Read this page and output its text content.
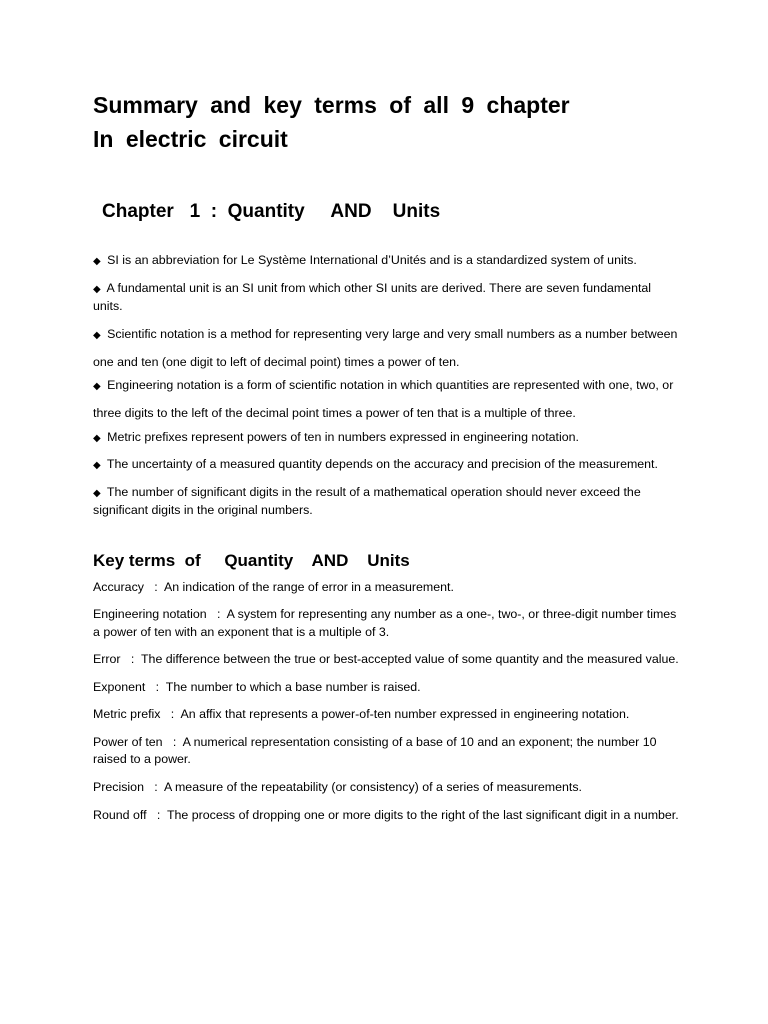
Summary and key terms of all 9 chapter
In electric circuit
Chapter   1  :  Quantity     AND    Units
◆ SI is an abbreviation for Le Système International d’Unités and is a standardized system of units.
◆ A fundamental unit is an SI unit from which other SI units are derived. There are seven fundamental units.
◆ Scientific notation is a method for representing very large and very small numbers as a number between one and ten (one digit to left of decimal point) times a power of ten.
◆ Engineering notation is a form of scientific notation in which quantities are represented with one, two, or three digits to the left of the decimal point times a power of ten that is a multiple of three.
◆ Metric prefixes represent powers of ten in numbers expressed in engineering notation.
◆ The uncertainty of a measured quantity depends on the accuracy and precision of the measurement.
◆ The number of significant digits in the result of a mathematical operation should never exceed the significant digits in the original numbers.
Key terms  of     Quantity    AND    Units

Accuracy   :  An indication of the range of error in a measurement.

Engineering notation   :  A system for representing any number as a one-, two-, or three-digit number times a power of ten with an exponent that is a multiple of 3.

Error   :  The difference between the true or best-accepted value of some quantity and the measured value.

Exponent   :  The number to which a base number is raised.

Metric prefix   :  An affix that represents a power-of-ten number expressed in engineering notation.

Power of ten   :  A numerical representation consisting of a base of 10 and an exponent; the number 10 raised to a power.

Precision   :  A measure of the repeatability (or consistency) of a series of measurements.

Round off   :  The process of dropping one or more digits to the right of the last significant digit in a number.
